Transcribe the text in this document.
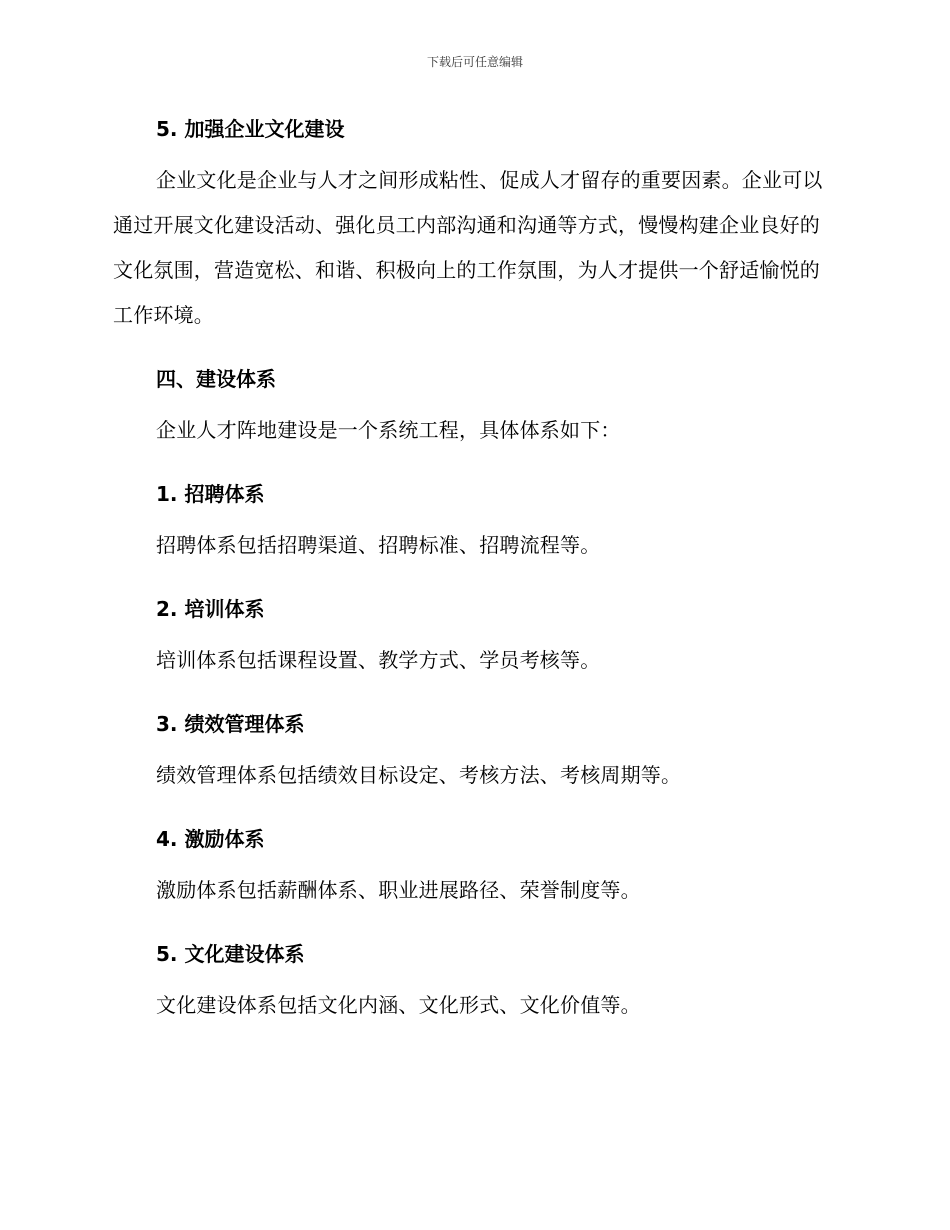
下载后可任意编辑
5. 加强企业文化建设

企业文化是企业与人才之间形成粘性、促成人才留存的重要因素。企业可以通过开展文化建设活动、强化员工内部沟通和沟通等方式，慢慢构建企业良好的文化氛围，营造宽松、和谐、积极向上的工作氛围，为人才提供一个舒适愉悦的工作环境。

四、建设体系

企业人才阵地建设是一个系统工程，具体体系如下：

1. 招聘体系

招聘体系包括招聘渠道、招聘标准、招聘流程等。

2. 培训体系

培训体系包括课程设置、教学方式、学员考核等。

3. 绩效管理体系

绩效管理体系包括绩效目标设定、考核方法、考核周期等。

4. 激励体系

激励体系包括薪酬体系、职业进展路径、荣誉制度等。

5. 文化建设体系

文化建设体系包括文化内涵、文化形式、文化价值等。
